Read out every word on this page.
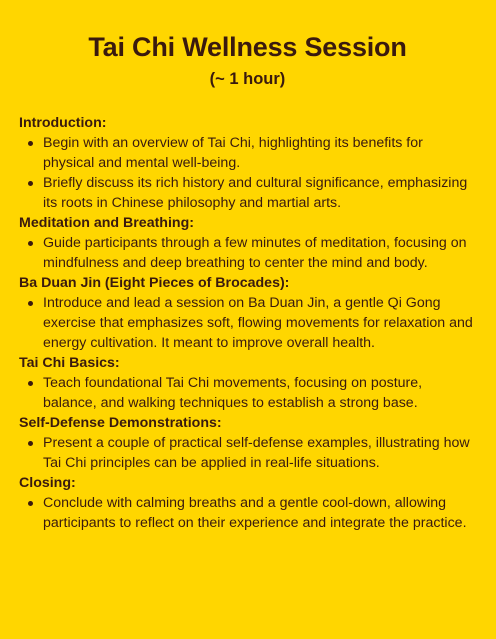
Tai Chi Wellness Session
(~ 1 hour)
Introduction:
Begin with an overview of Tai Chi, highlighting its benefits for physical and mental well-being.
Briefly discuss its rich history and cultural significance, emphasizing its roots in Chinese philosophy and martial arts.
Meditation and Breathing:
Guide participants through a few minutes of meditation, focusing on mindfulness and deep breathing to center the mind and body.
Ba Duan Jin (Eight Pieces of Brocades):
Introduce and lead a session on Ba Duan Jin, a gentle Qi Gong exercise that emphasizes soft, flowing movements for relaxation and energy cultivation. It meant to improve overall health.
Tai Chi Basics:
Teach foundational Tai Chi movements, focusing on posture, balance, and walking techniques to establish a strong base.
Self-Defense Demonstrations:
Present a couple of practical self-defense examples, illustrating how Tai Chi principles can be applied in real-life situations.
Closing:
Conclude with calming breaths and a gentle cool-down, allowing participants to reflect on their experience and integrate the practice.
